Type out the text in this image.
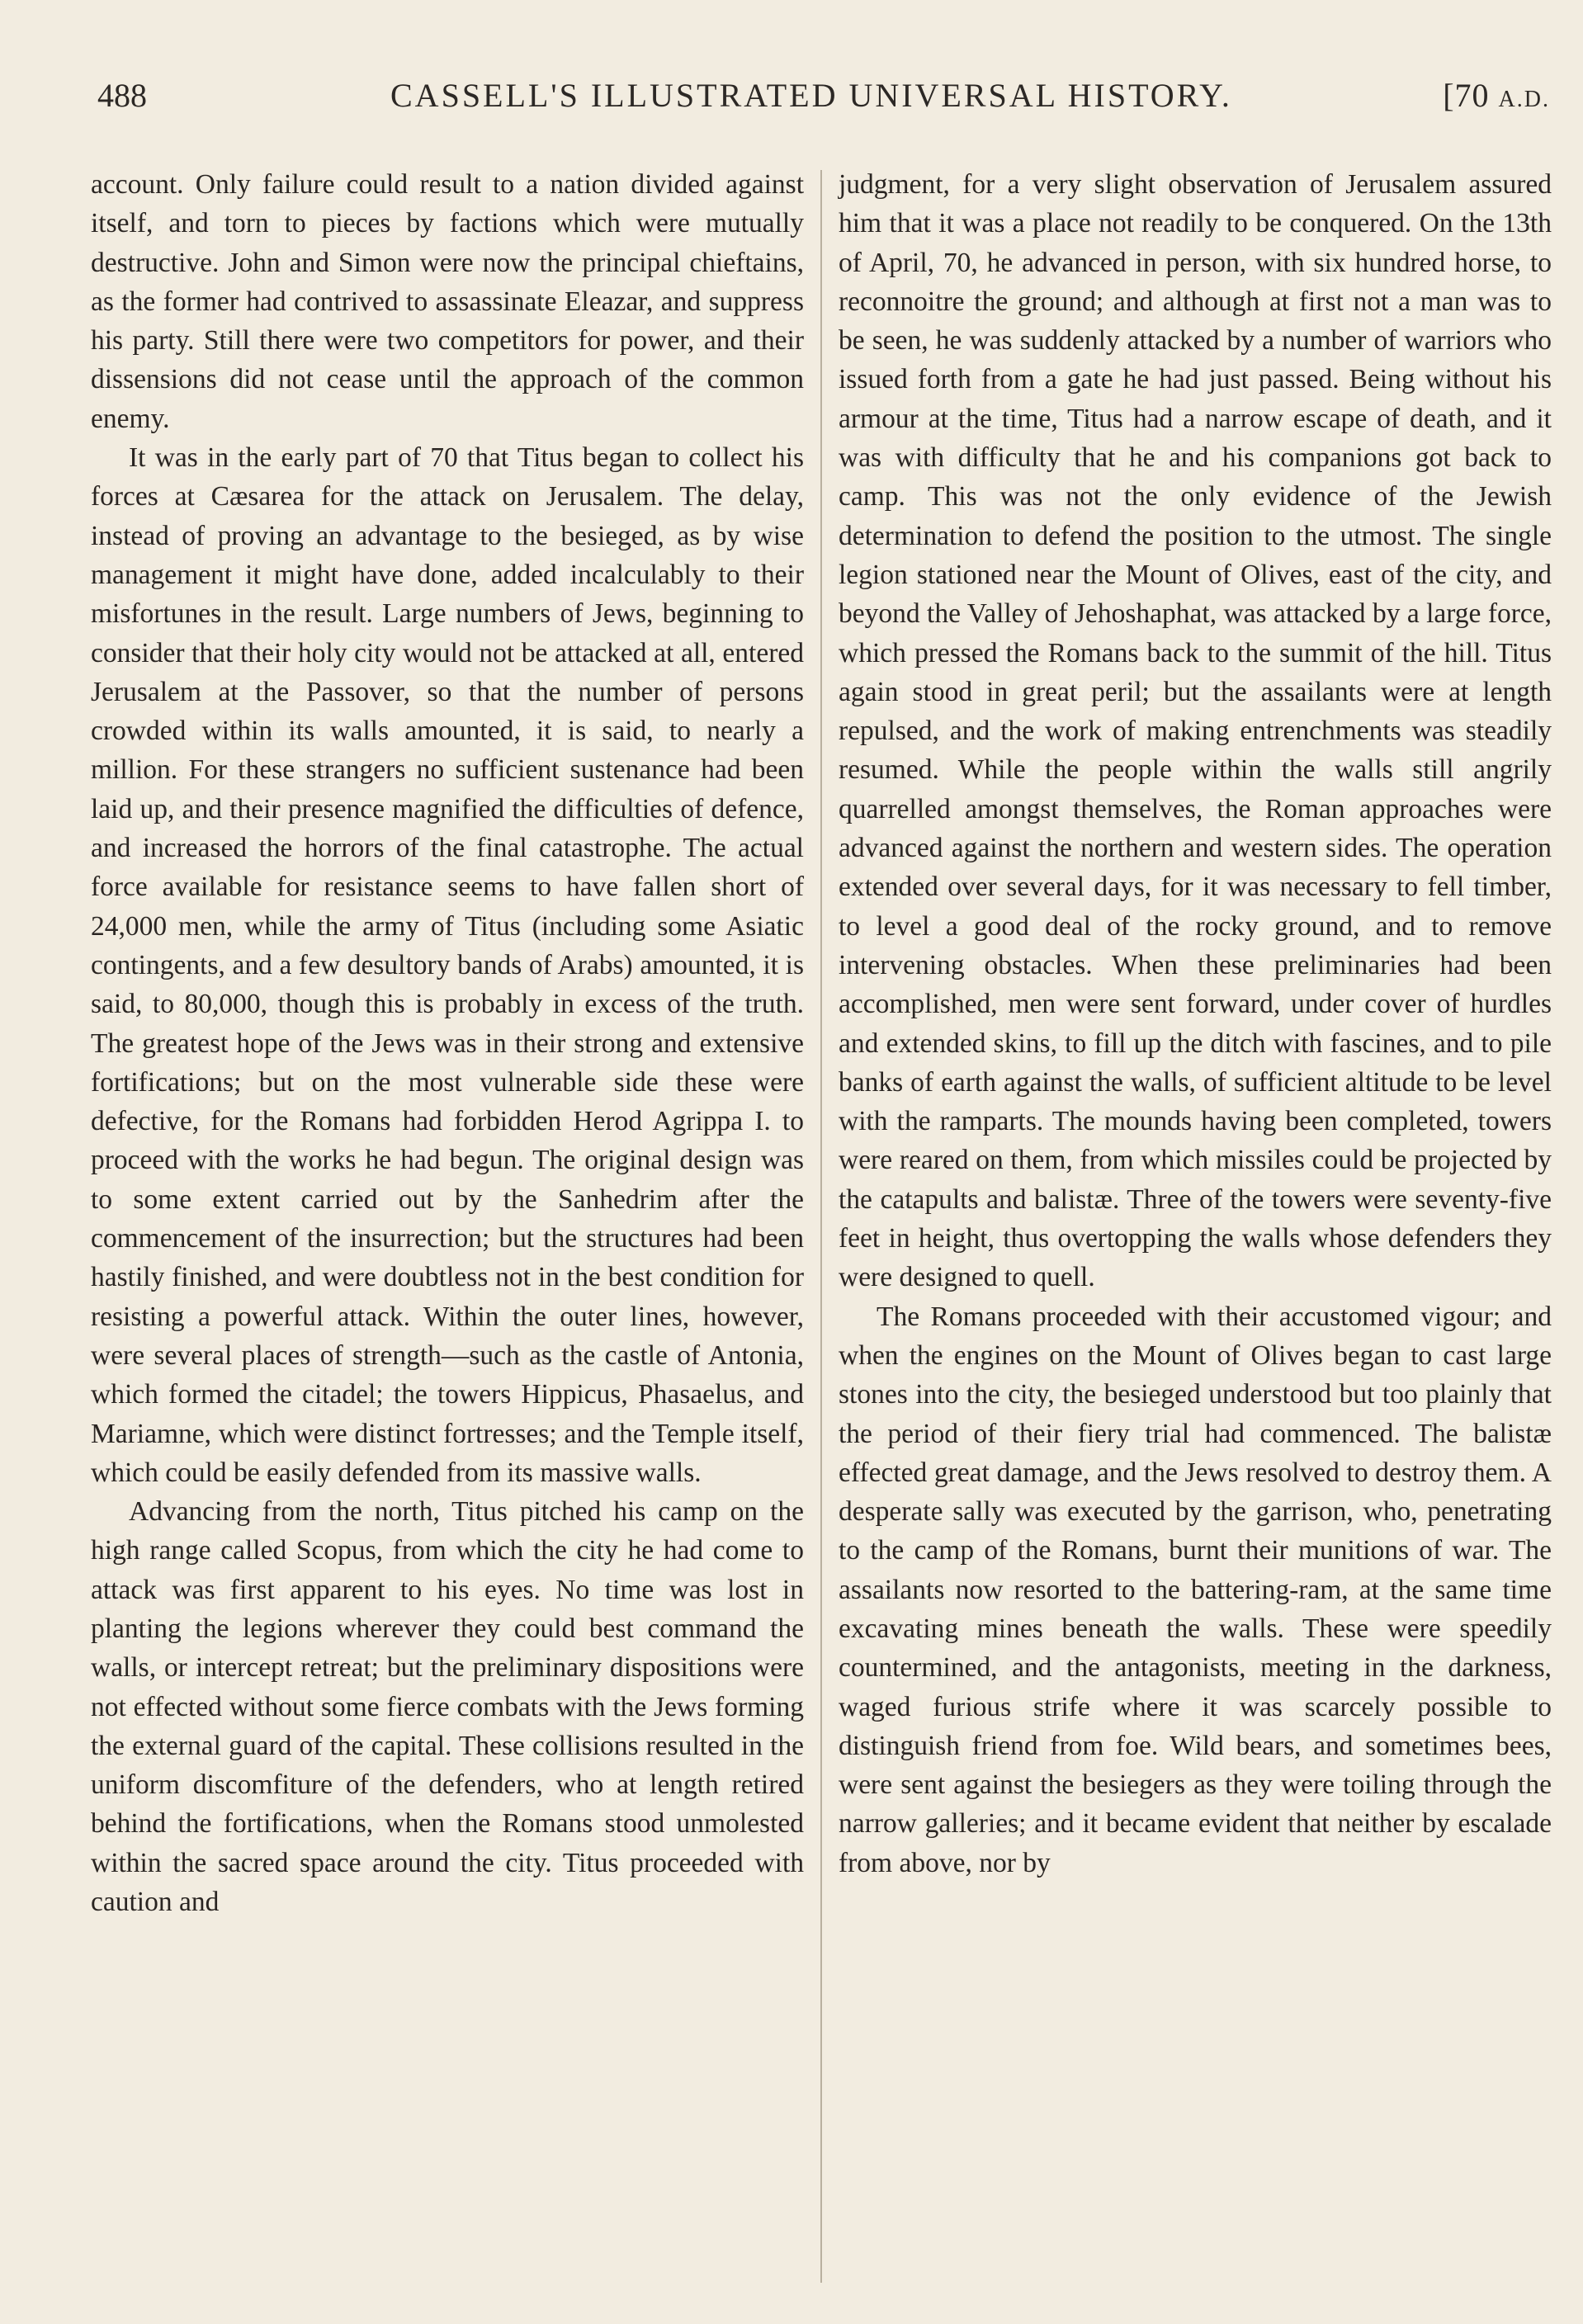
488	CASSELL'S ILLUSTRATED UNIVERSAL HISTORY.	[70 A.D.

account. Only failure could result to a nation divided against itself, and torn to pieces by factions which were mutually destructive. John and Simon were now the principal chieftains, as the former had contrived to assassinate Eleazar, and suppress his party. Still there were two competitors for power, and their dissensions did not cease until the approach of the common enemy.

It was in the early part of 70 that Titus began to collect his forces at Cæsarea for the attack on Jerusalem. The delay, instead of proving an advantage to the besieged, as by wise management it might have done, added incalculably to their misfortunes in the result. Large numbers of Jews, beginning to consider that their holy city would not be attacked at all, entered Jerusalem at the Passover, so that the number of persons crowded within its walls amounted, it is said, to nearly a million. For these strangers no sufficient sustenance had been laid up, and their presence magnified the difficulties of defence, and increased the horrors of the final catastrophe. The actual force available for resistance seems to have fallen short of 24,000 men, while the army of Titus (including some Asiatic contingents, and a few desultory bands of Arabs) amounted, it is said, to 80,000, though this is probably in excess of the truth. The greatest hope of the Jews was in their strong and extensive fortifications; but on the most vulnerable side these were defective, for the Romans had forbidden Herod Agrippa I. to proceed with the works he had begun. The original design was to some extent carried out by the Sanhedrim after the commencement of the insurrection; but the structures had been hastily finished, and were doubtless not in the best condition for resisting a powerful attack. Within the outer lines, however, were several places of strength—such as the castle of Antonia, which formed the citadel; the towers Hippicus, Phasaelus, and Mariamne, which were distinct fortresses; and the Temple itself, which could be easily defended from its massive walls.

Advancing from the north, Titus pitched his camp on the high range called Scopus, from which the city he had come to attack was first apparent to his eyes. No time was lost in planting the legions wherever they could best command the walls, or intercept retreat; but the preliminary dispositions were not effected without some fierce combats with the Jews forming the external guard of the capital. These collisions resulted in the uniform discomfiture of the defenders, who at length retired behind the fortifications, when the Romans stood unmolested within the sacred space around the city. Titus proceeded with caution and

judgment, for a very slight observation of Jerusalem assured him that it was a place not readily to be conquered. On the 13th of April, 70, he advanced in person, with six hundred horse, to reconnoitre the ground; and although at first not a man was to be seen, he was suddenly attacked by a number of warriors who issued forth from a gate he had just passed. Being without his armour at the time, Titus had a narrow escape of death, and it was with difficulty that he and his companions got back to camp. This was not the only evidence of the Jewish determination to defend the position to the utmost. The single legion stationed near the Mount of Olives, east of the city, and beyond the Valley of Jehoshaphat, was attacked by a large force, which pressed the Romans back to the summit of the hill. Titus again stood in great peril; but the assailants were at length repulsed, and the work of making entrenchments was steadily resumed. While the people within the walls still angrily quarrelled amongst themselves, the Roman approaches were advanced against the northern and western sides. The operation extended over several days, for it was necessary to fell timber, to level a good deal of the rocky ground, and to remove intervening obstacles. When these preliminaries had been accomplished, men were sent forward, under cover of hurdles and extended skins, to fill up the ditch with fascines, and to pile banks of earth against the walls, of sufficient altitude to be level with the ramparts. The mounds having been completed, towers were reared on them, from which missiles could be projected by the catapults and balistæ. Three of the towers were seventy-five feet in height, thus overtopping the walls whose defenders they were designed to quell.

The Romans proceeded with their accustomed vigour; and when the engines on the Mount of Olives began to cast large stones into the city, the besieged understood but too plainly that the period of their fiery trial had commenced. The balistæ effected great damage, and the Jews resolved to destroy them. A desperate sally was executed by the garrison, who, penetrating to the camp of the Romans, burnt their munitions of war. The assailants now resorted to the battering-ram, at the same time excavating mines beneath the walls. These were speedily countermined, and the antagonists, meeting in the darkness, waged furious strife where it was scarcely possible to distinguish friend from foe. Wild bears, and sometimes bees, were sent against the besiegers as they were toiling through the narrow galleries; and it became evident that neither by escalade from above, nor by
